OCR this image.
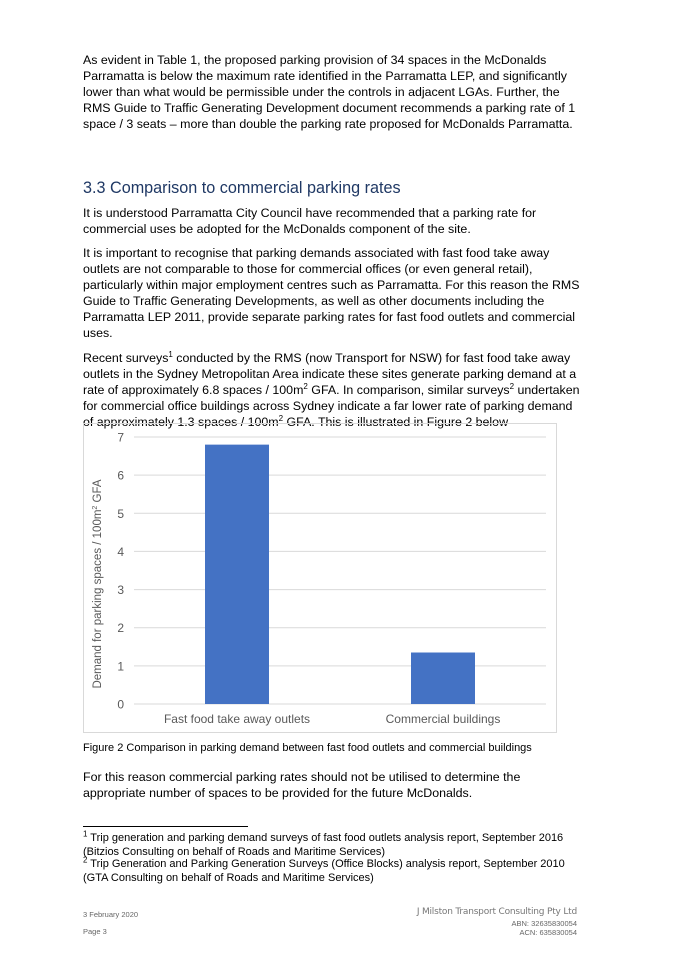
As evident in Table 1, the proposed parking provision of 34 spaces in the McDonalds Parramatta is below the maximum rate identified in the Parramatta LEP, and significantly lower than what would be permissible under the controls in adjacent LGAs. Further, the RMS Guide to Traffic Generating Development document recommends a parking rate of 1 space / 3 seats – more than double the parking rate proposed for McDonalds Parramatta.

3.3 Comparison to commercial parking rates

It is understood Parramatta City Council have recommended that a parking rate for commercial uses be adopted for the McDonalds component of the site.

It is important to recognise that parking demands associated with fast food take away outlets are not comparable to those for commercial offices (or even general retail), particularly within major employment centres such as Parramatta. For this reason the RMS Guide to Traffic Generating Developments, as well as other documents including the Parramatta LEP 2011, provide separate parking rates for fast food outlets and commercial uses.

Recent surveys$^1$ conducted by the RMS (now Transport for NSW) for fast food take away outlets in the Sydney Metropolitan Area indicate these sites generate parking demand at a rate of approximately 6.8 spaces / $100m^2$ GFA. In comparison, similar surveys$^2$ undertaken for commercial office buildings across Sydney indicate a far lower rate of parking demand of approximately 1.3 spaces / $100m^2$ GFA. This is illustrated in Figure 2 below

0
1
2
3
4
5
6
7
Fast food take away outlets	Commercial buildings
Demand for parking spaces / $100m^2$ GFA

Figure 2 Comparison in parking demand between fast food outlets and commercial buildings

For this reason commercial parking rates should not be utilised to determine the appropriate number of spaces to be provided for the future McDonalds.

$^1$ Trip generation and parking demand surveys of fast food outlets analysis report, September 2016 (Bitzios Consulting on behalf of Roads and Maritime Services)

$^2$ Trip Generation and Parking Generation Surveys (Office Blocks) analysis report, September 2010 (GTA Consulting on behalf of Roads and Maritime Services)

3 February 2020

Page 3

J Milston Transport Consulting Pty Ltd
ABN: 32635830054
ACN: 635830054
